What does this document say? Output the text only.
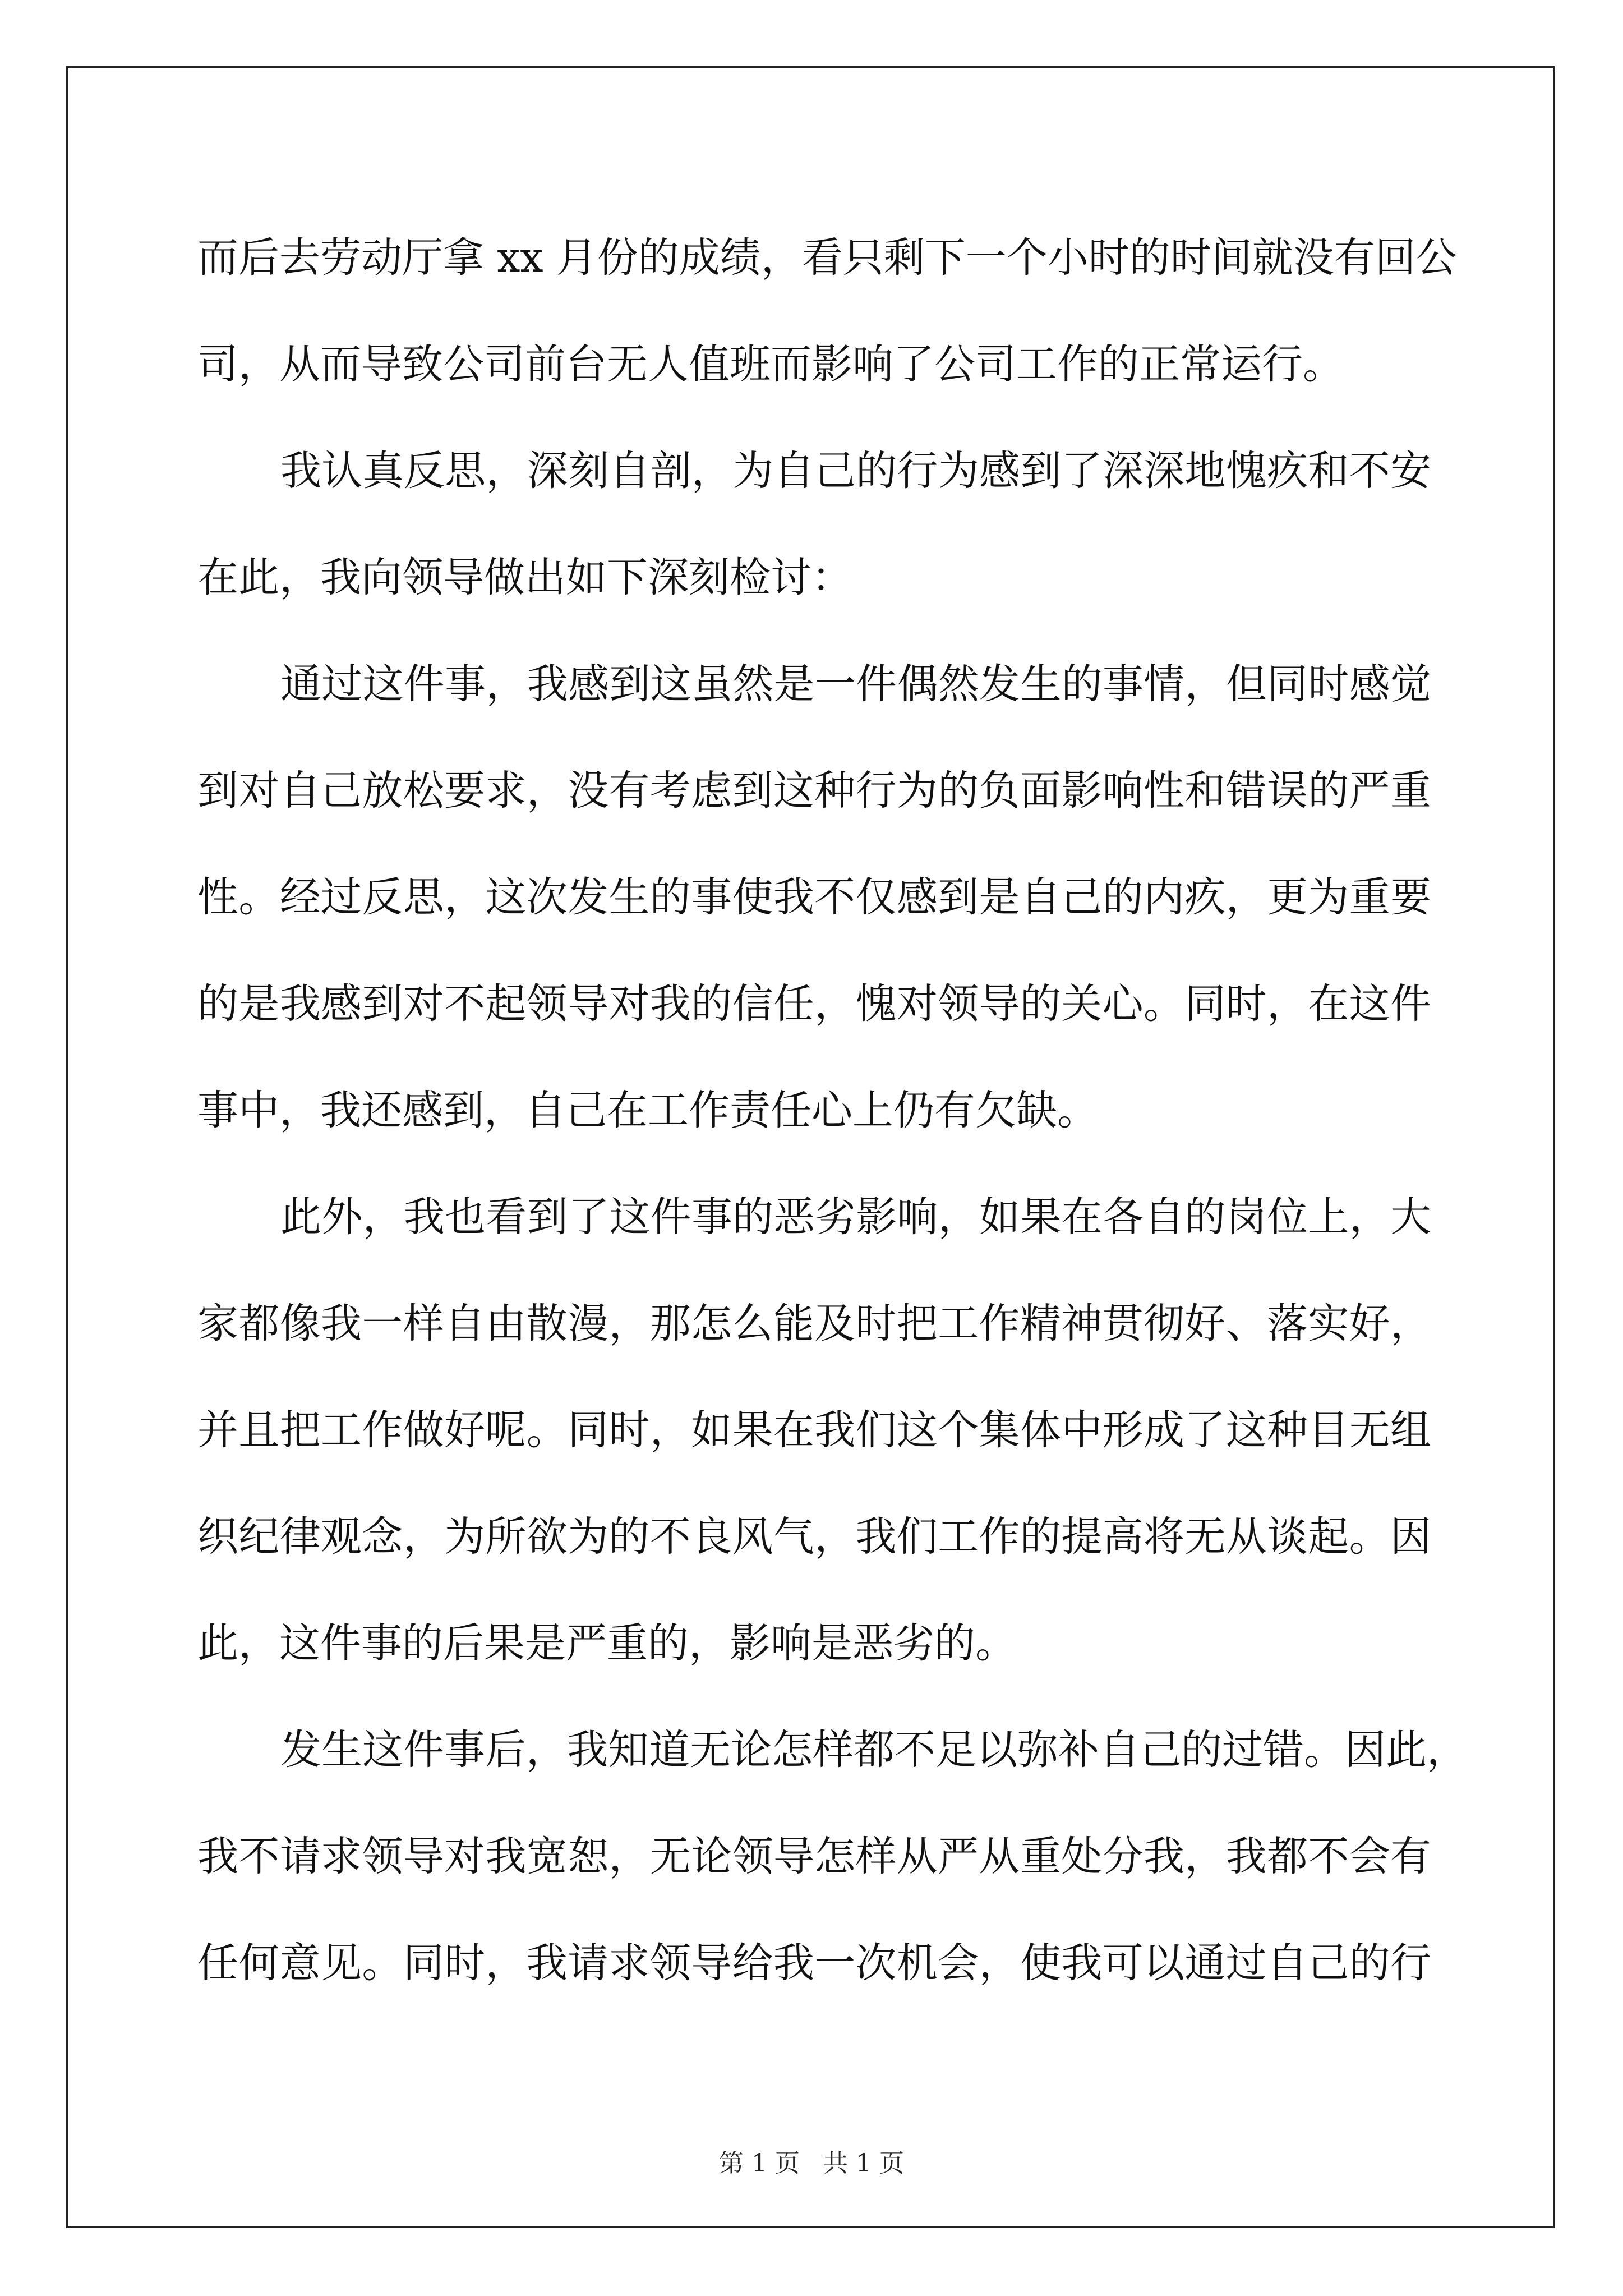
而后去劳动厅拿 xx 月份的成绩，看只剩下一个小时的时间就没有回公
司，从而导致公司前台无人值班而影响了公司工作的正常运行。
我认真反思，深刻自剖，为自己的行为感到了深深地愧疚和不安
在此，我向领导做出如下深刻检讨：
通过这件事，我感到这虽然是一件偶然发生的事情，但同时感觉
到对自己放松要求，没有考虑到这种行为的负面影响性和错误的严重
性。经过反思，这次发生的事使我不仅感到是自己的内疚，更为重要
的是我感到对不起领导对我的信任，愧对领导的关心。同时，在这件
事中，我还感到，自己在工作责任心上仍有欠缺。
此外，我也看到了这件事的恶劣影响，如果在各自的岗位上，大
家都像我一样自由散漫，那怎么能及时把工作精神贯彻好、落实好，
并且把工作做好呢。同时，如果在我们这个集体中形成了这种目无组
织纪律观念，为所欲为的不良风气，我们工作的提高将无从谈起。因
此，这件事的后果是严重的，影响是恶劣的。
发生这件事后，我知道无论怎样都不足以弥补自己的过错。因此，
我不请求领导对我宽恕，无论领导怎样从严从重处分我，我都不会有
任何意见。同时，我请求领导给我一次机会，使我可以通过自己的行
第 1 页   共 1 页
